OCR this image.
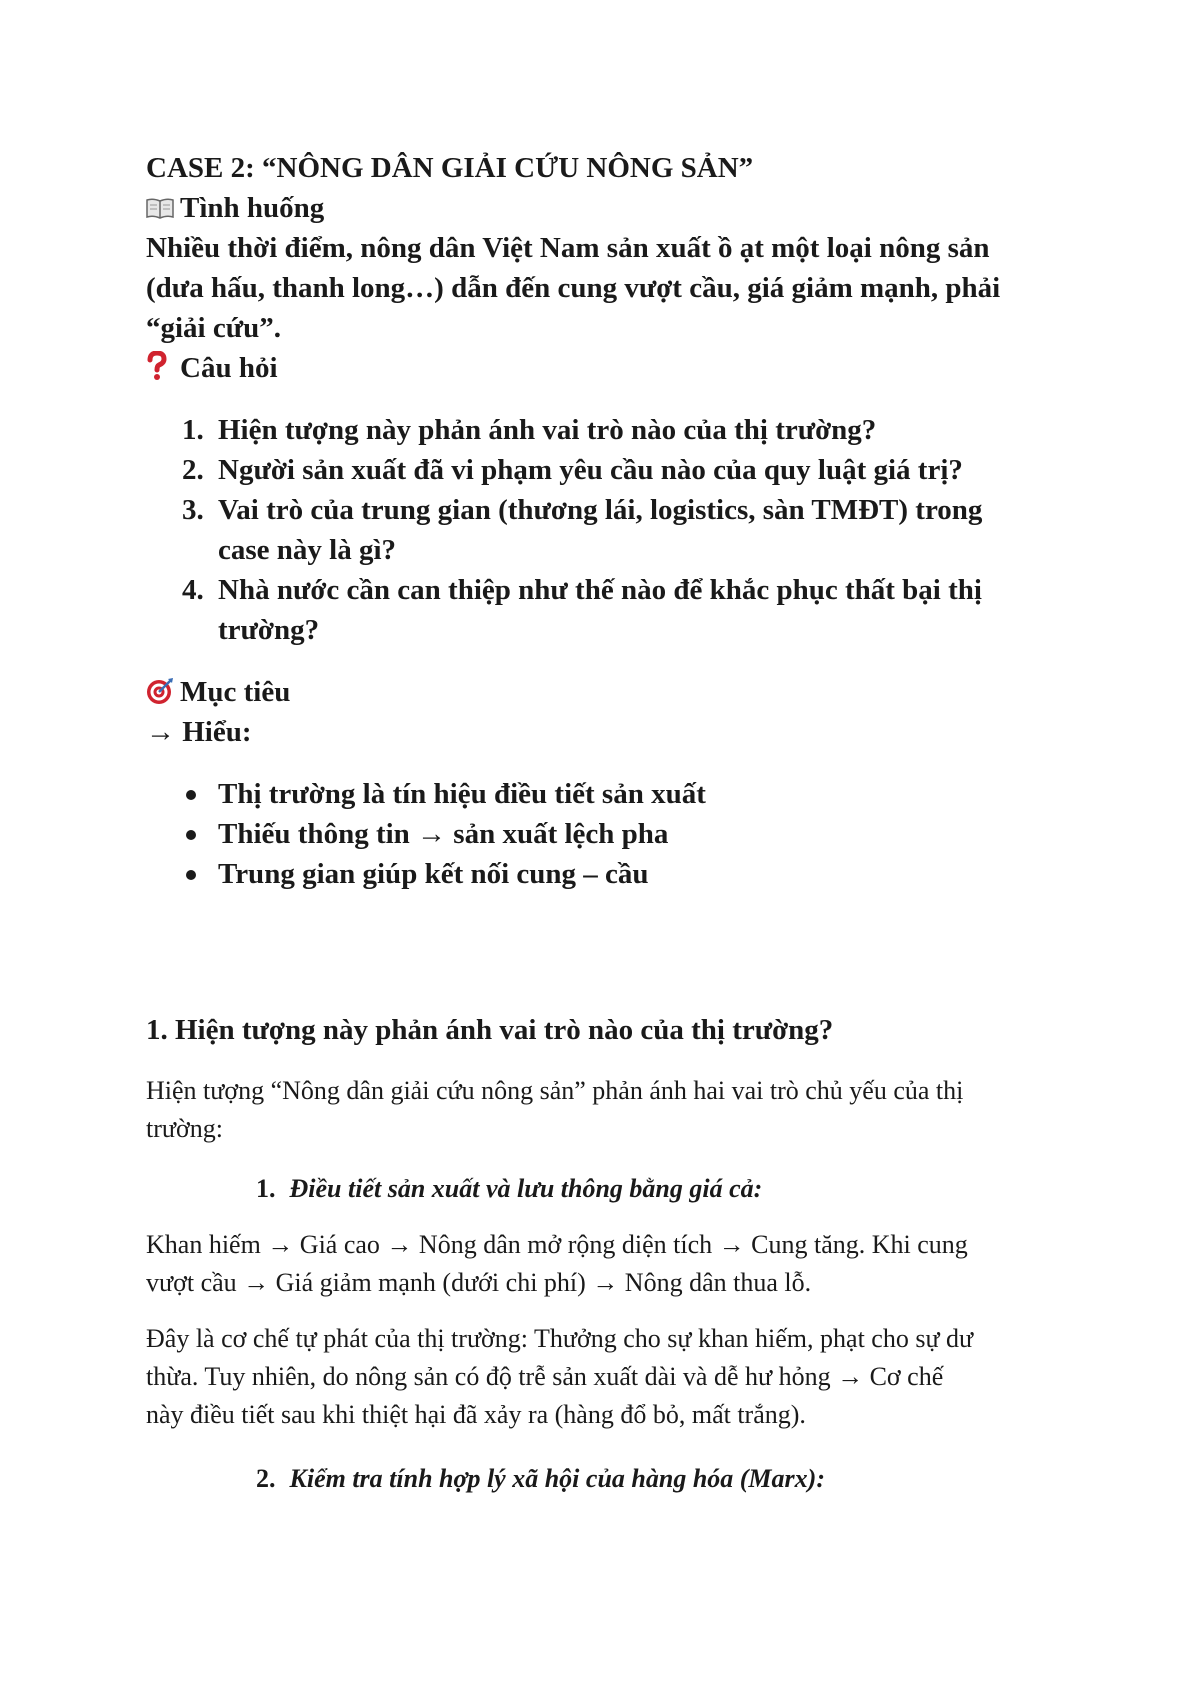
CASE 2: “NÔNG DÂN GIẢI CỨU NÔNG SẢN”

Tình huống

Nhiều thời điểm, nông dân Việt Nam sản xuất ồ ạt một loại nông sản

(dưa hấu, thanh long…) dẫn đến cung vượt cầu, giá giảm mạnh, phải

“giải cứu”.

Câu hỏi

1. Hiện tượng này phản ánh vai trò nào của thị trường?
2. Người sản xuất đã vi phạm yêu cầu nào của quy luật giá trị?
3. Vai trò của trung gian (thương lái, logistics, sàn TMĐT) trong
case này là gì?
4. Nhà nước cần can thiệp như thế nào để khắc phục thất bại thị
trường?

Mục tiêu

→ Hiểu:

Thị trường là tín hiệu điều tiết sản xuất
Thiếu thông tin → sản xuất lệch pha
Trung gian giúp kết nối cung – cầu

1. Hiện tượng này phản ánh vai trò nào của thị trường?

Hiện tượng “Nông dân giải cứu nông sản” phản ánh hai vai trò chủ yếu của thị

trường:

1. Điều tiết sản xuất và lưu thông bằng giá cả:

Khan hiếm → Giá cao → Nông dân mở rộng diện tích → Cung tăng. Khi cung

vượt cầu → Giá giảm mạnh (dưới chi phí) → Nông dân thua lỗ.

Đây là cơ chế tự phát của thị trường: Thưởng cho sự khan hiếm, phạt cho sự dư

thừa. Tuy nhiên, do nông sản có độ trễ sản xuất dài và dễ hư hỏng → Cơ chế

này điều tiết sau khi thiệt hại đã xảy ra (hàng đổ bỏ, mất trắng).

2. Kiểm tra tính hợp lý xã hội của hàng hóa (Marx):
